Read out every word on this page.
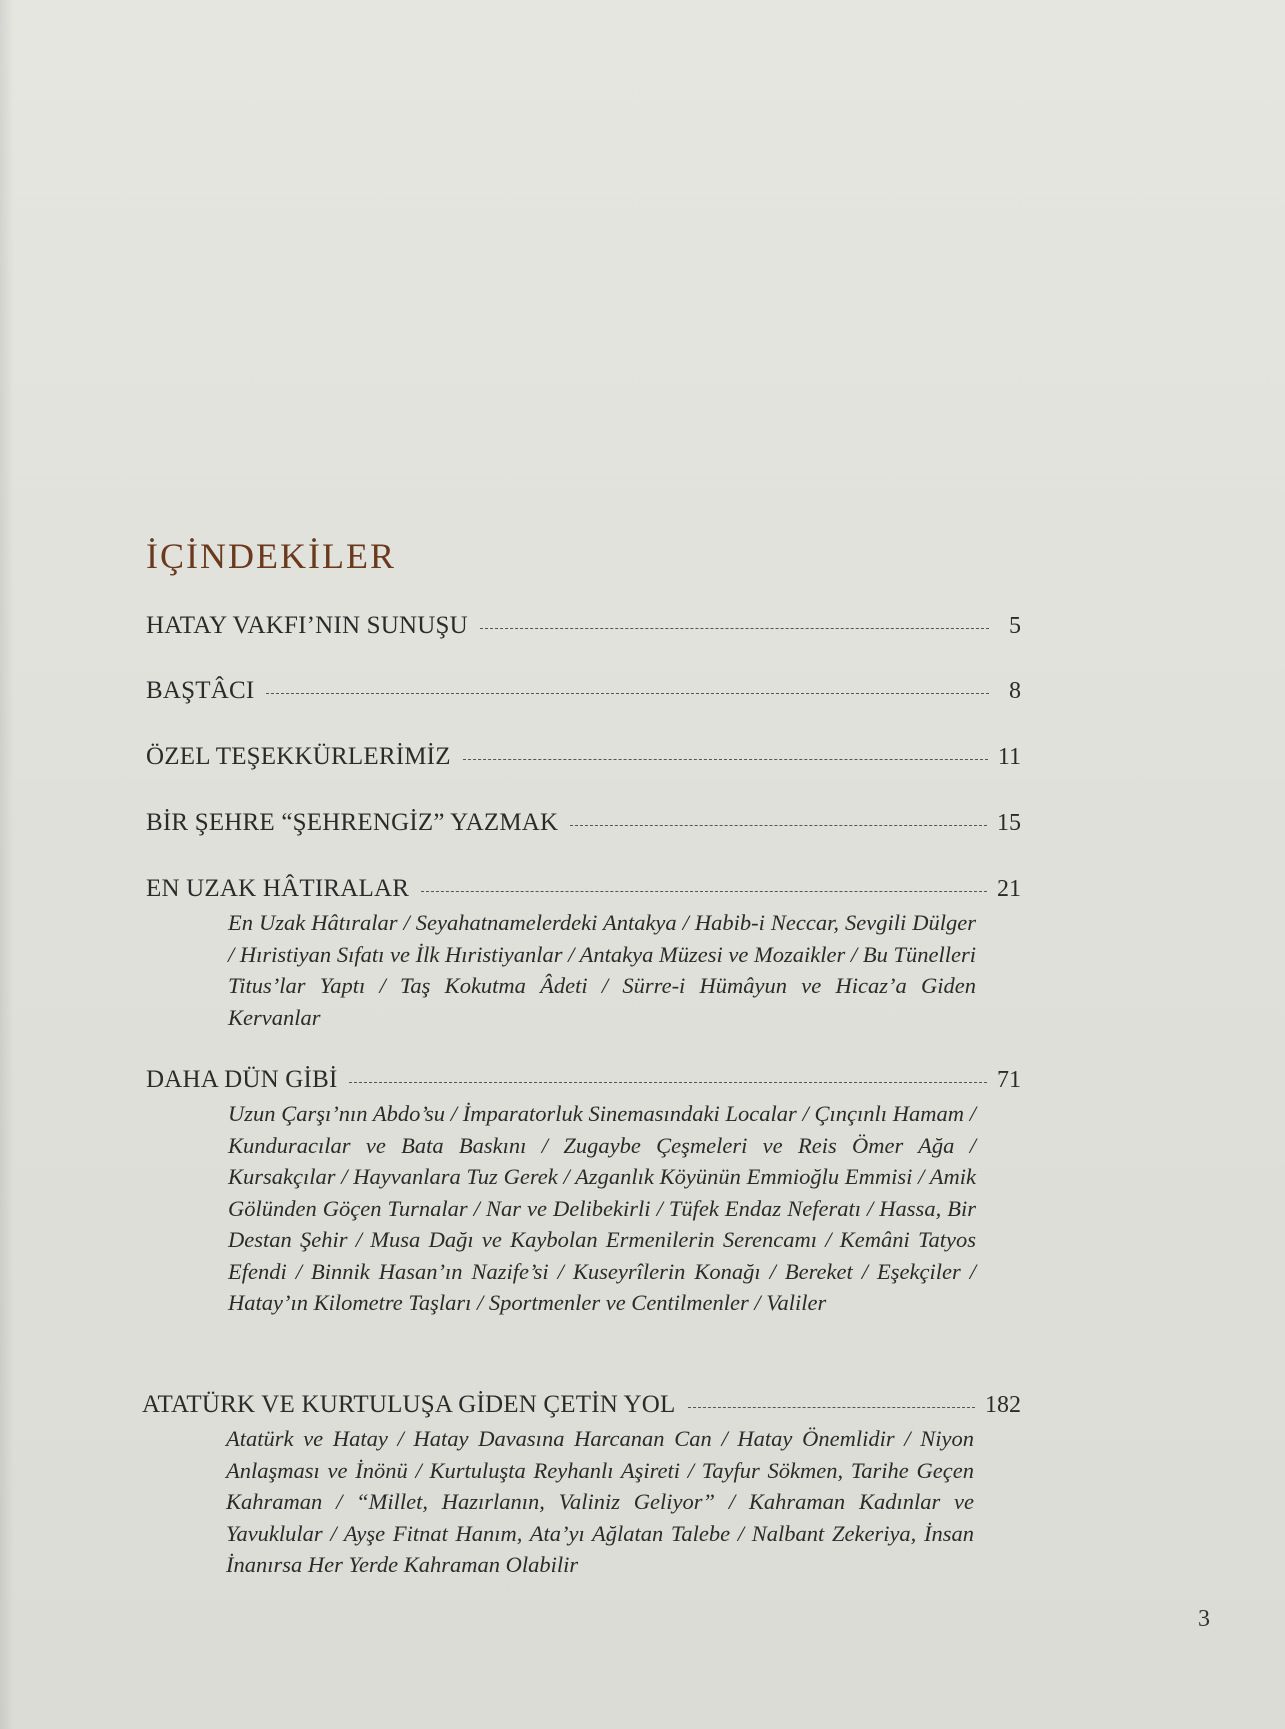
İÇİNDEKİLER
HATAY VAKFI’NIN SUNUŞU	5
BAŞTÂCI	8
ÖZEL TEŞEKKÜRLERİMİZ	11
BİR ŞEHRE “ŞEHRENGİZ” YAZMAK	15
EN UZAK HÂTIRALAR	21
En Uzak Hâtıralar / Seyahatnamelerdeki Antakya / Habib-i Neccar, Sevgili Dülger / Hıristiyan Sıfatı ve İlk Hıristiyanlar / Antakya Müzesi ve Mozaikler / Bu Tünelleri Titus’lar Yaptı / Taş Kokutma Âdeti / Sürre-i Hümâyun ve Hicaz’a Giden Kervanlar
DAHA DÜN GİBİ	71
Uzun Çarşı’nın Abdo’su / İmparatorluk Sinemasındaki Localar / Çınçınlı Hamam / Kunduracılar ve Bata Baskını / Zugaybe Çeşmeleri ve Reis Ömer Ağa / Kursakçılar / Hayvanlara Tuz Gerek / Azganlık Köyünün Emmioğlu Emmisi / Amik Gölünden Göçen Turnalar / Nar ve Delibekirli / Tüfek Endaz Neferatı / Hassa, Bir Destan Şehir / Musa Dağı ve Kaybolan Ermenilerin Serencamı / Kemâni Tatyos Efendi / Binnik Hasan’ın Nazife’si / Kuseyrîlerin Konağı / Bereket / Eşekçiler / Hatay’ın Kilometre Taşları / Sportmenler ve Centilmenler / Valiler
ATATÜRK VE KURTULUŞA GİDEN ÇETİN YOL	182
Atatürk ve Hatay / Hatay Davasına Harcanan Can / Hatay Önemlidir / Niyon Anlaşması ve İnönü / Kurtuluşta Reyhanlı Aşireti / Tayfur Sökmen, Tarihe Geçen Kahraman / “Millet, Hazırlanın, Valiniz Geliyor” / Kahraman Kadınlar ve Yavuklular / Ayşe Fitnat Hanım, Ata’yı Ağlatan Talebe / Nalbant Zekeriya, İnsan İnanırsa Her Yerde Kahraman Olabilir
3
